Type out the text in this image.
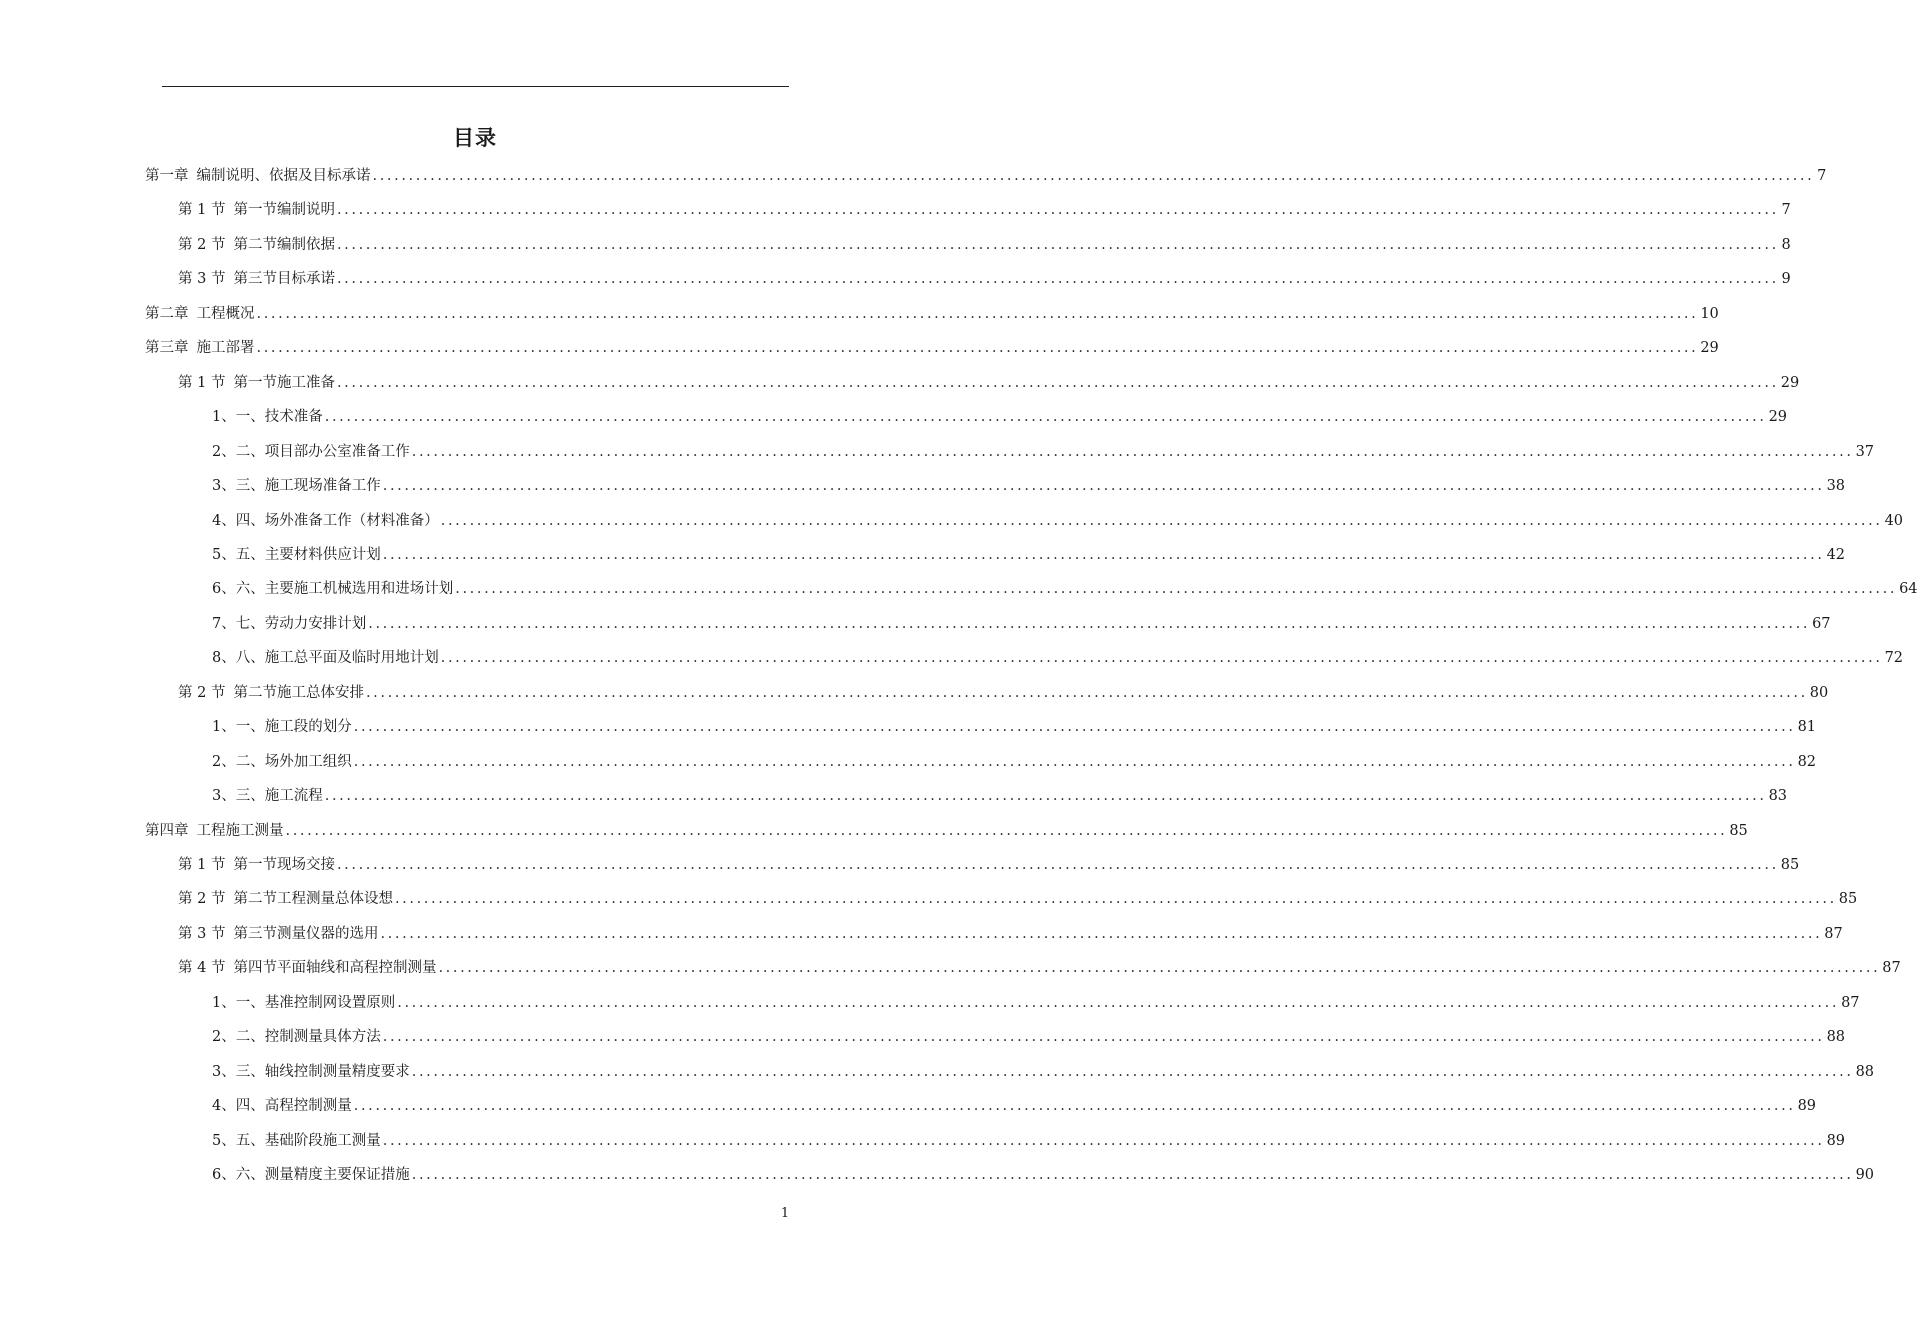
目录
第一章 编制说明、依据及目标承诺 ........................................................................................................................................................................................................ 7
第 1 节 第一节编制说明 ........................................................................................................................................................................................................ 7
第 2 节 第二节编制依据 ........................................................................................................................................................................................................ 8
第 3 节 第三节目标承诺 ........................................................................................................................................................................................................ 9
第二章 工程概况 ........................................................................................................................................................................................................ 10
第三章 施工部署 ........................................................................................................................................................................................................ 29
第 1 节 第一节施工准备 ........................................................................................................................................................................................................ 29
1、 一、技术准备 ........................................................................................................................................................................................................ 29
2、 二、项目部办公室准备工作 ........................................................................................................................................................................................................ 37
3、 三、施工现场准备工作 ........................................................................................................................................................................................................ 38
4、 四、场外准备工作（材料准备） ........................................................................................................................................................................................................ 40
5、 五、主要材料供应计划 ........................................................................................................................................................................................................ 42
6、 六、主要施工机械选用和进场计划 ........................................................................................................................................................................................................ 64
7、 七、劳动力安排计划 ........................................................................................................................................................................................................ 67
8、 八、施工总平面及临时用地计划 ........................................................................................................................................................................................................ 72
第 2 节 第二节施工总体安排 ........................................................................................................................................................................................................ 80
1、 一、施工段的划分 ........................................................................................................................................................................................................ 81
2、 二、场外加工组织 ........................................................................................................................................................................................................ 82
3、 三、施工流程 ........................................................................................................................................................................................................ 83
第四章 工程施工测量 ........................................................................................................................................................................................................ 85
第 1 节 第一节现场交接 ........................................................................................................................................................................................................ 85
第 2 节 第二节工程测量总体设想 ........................................................................................................................................................................................................ 85
第 3 节 第三节测量仪器的选用 ........................................................................................................................................................................................................ 87
第 4 节 第四节平面轴线和高程控制测量 ........................................................................................................................................................................................................ 87
1、 一、基准控制网设置原则 ........................................................................................................................................................................................................ 87
2、 二、控制测量具体方法 ........................................................................................................................................................................................................ 88
3、 三、轴线控制测量精度要求 ........................................................................................................................................................................................................ 88
4、 四、高程控制测量 ........................................................................................................................................................................................................ 89
5、 五、基础阶段施工测量 ........................................................................................................................................................................................................ 89
6、 六、测量精度主要保证措施 ........................................................................................................................................................................................................ 90
1
